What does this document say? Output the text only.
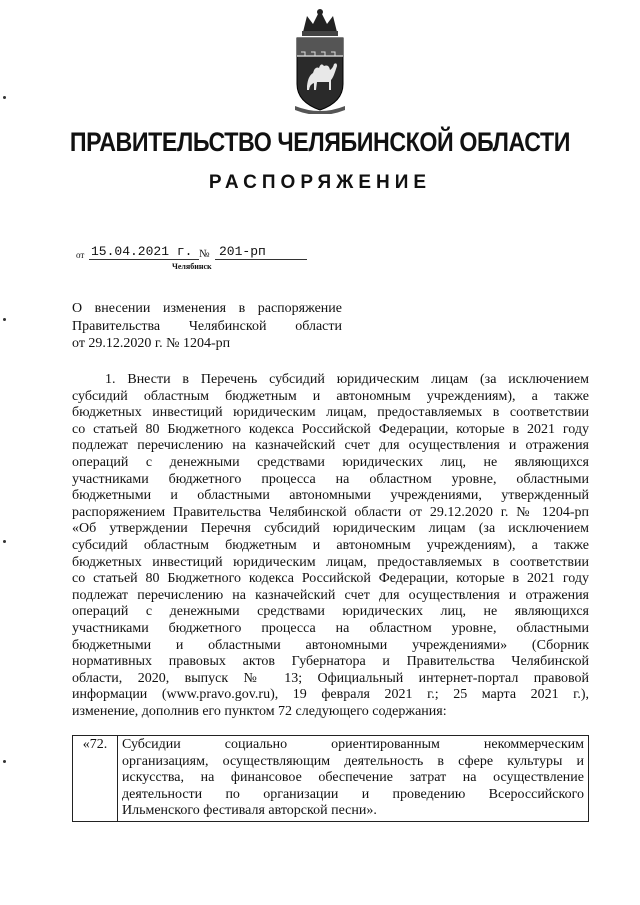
ПРАВИТЕЛЬСТВО ЧЕЛЯБИНСКОЙ ОБЛАСТИ
РАСПОРЯЖЕНИЕ
от 15.04.2021 г. № 201-рп
Челябинск
О внесении изменения в распоряжение
Правительства Челябинской области
от 29.12.2020 г. № 1204-рп
1. Внести в Перечень субсидий юридическим лицам (за исключением
субсидий областным бюджетным и автономным учреждениям), а также
бюджетных инвестиций юридическим лицам, предоставляемых в соответствии
со статьей 80 Бюджетного кодекса Российской Федерации, которые в 2021 году
подлежат перечислению на казначейский счет для осуществления и отражения
операций с денежными средствами юридических лиц, не являющихся
участниками бюджетного процесса на областном уровне, областными
бюджетными и областными автономными учреждениями, утвержденный
распоряжением Правительства Челябинской области от 29.12.2020 г. № 1204-рп
«Об утверждении Перечня субсидий юридическим лицам (за исключением
субсидий областным бюджетным и автономным учреждениям), а также
бюджетных инвестиций юридическим лицам, предоставляемых в соответствии
со статьей 80 Бюджетного кодекса Российской Федерации, которые в 2021 году
подлежат перечислению на казначейский счет для осуществления и отражения
операций с денежными средствами юридических лиц, не являющихся
участниками бюджетного процесса на областном уровне, областными
бюджетными и областными автономными учреждениями» (Сборник
нормативных правовых актов Губернатора и Правительства Челябинской
области, 2020, выпуск № 13; Официальный интернет-портал правовой
информации (www.pravo.gov.ru), 19 февраля 2021 г.; 25 марта 2021 г.),
изменение, дополнив его пунктом 72 следующего содержания:
«72.	Субсидии социально ориентированным некоммерческим
организациям, осуществляющим деятельность в сфере культуры и
искусства, на финансовое обеспечение затрат на осуществление
деятельности по организации и проведению Всероссийского
Ильменского фестиваля авторской песни».
